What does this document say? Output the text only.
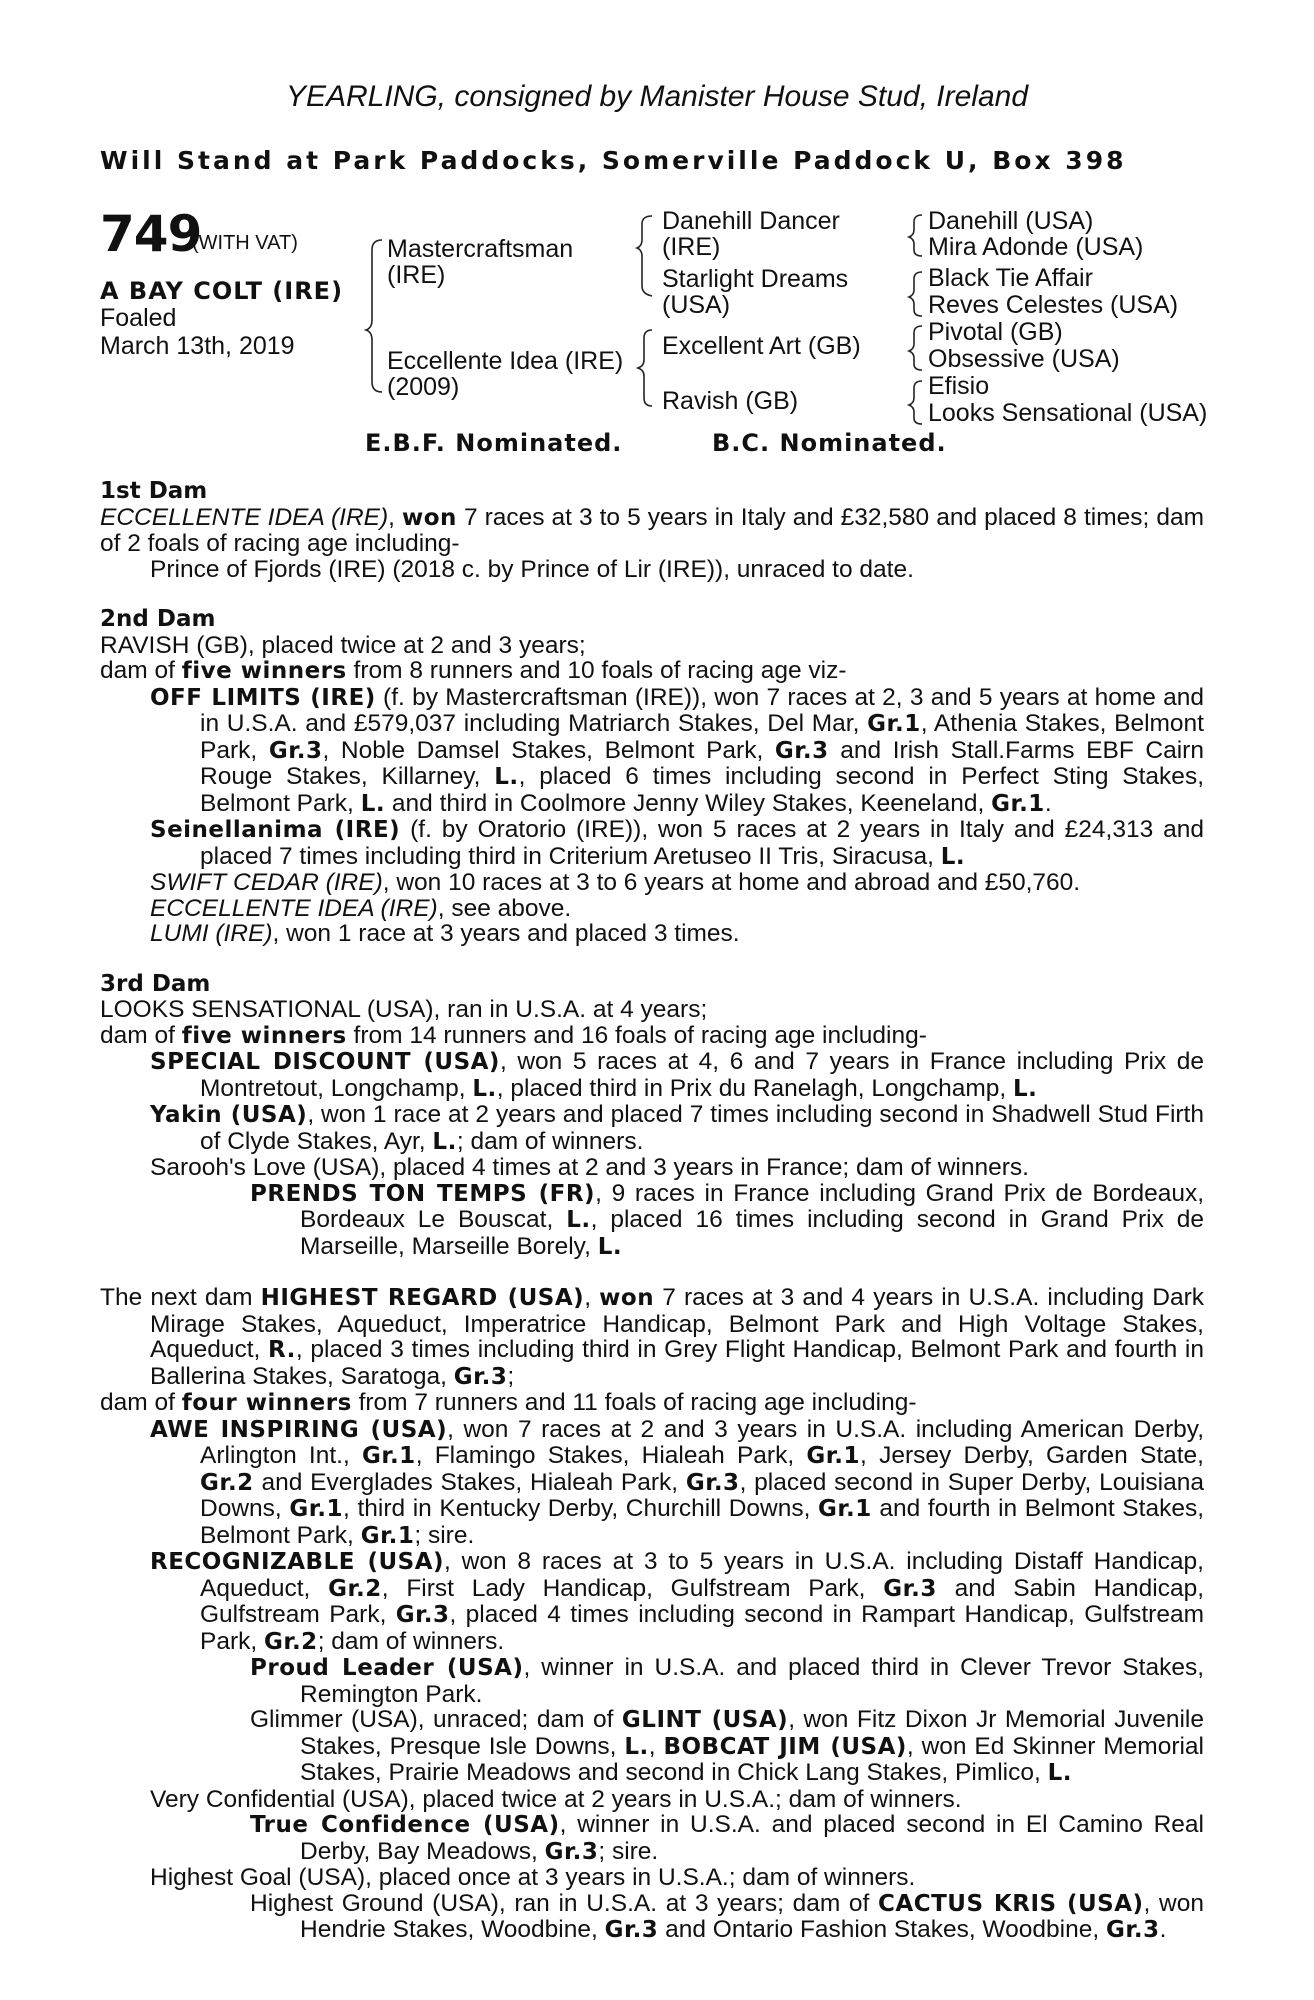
YEARLING, consigned by Manister House Stud, Ireland
Will Stand at Park Paddocks, Somerville Paddock U, Box 398
749
(WITH VAT)
A BAY COLT (IRE)
Foaled
March 13th, 2019
Mastercraftsman
(IRE)
Eccellente Idea (IRE)
(2009)
Danehill Dancer
(IRE)
Starlight Dreams
(USA)
Excellent Art (GB)
Ravish (GB)
Danehill (USA)
Mira Adonde (USA)
Black Tie Affair
Reves Celestes (USA)
Pivotal (GB)
Obsessive (USA)
Efisio
Looks Sensational (USA)
E.B.F. Nominated.	B.C. Nominated.

1st Dam

ECCELLENTE IDEA (IRE), won 7 races at 3 to 5 years in Italy and £32,580 and placed 8 times; dam of 2 foals of racing age including-

Prince of Fjords (IRE) (2018 c. by Prince of Lir (IRE)), unraced to date.

2nd Dam

RAVISH (GB), placed twice at 2 and 3 years;

dam of five winners from 8 runners and 10 foals of racing age viz-

OFF LIMITS (IRE) (f. by Mastercraftsman (IRE)), won 7 races at 2, 3 and 5 years at home and in U.S.A. and £579,037 including Matriarch Stakes, Del Mar, Gr.1, Athenia Stakes, Belmont Park, Gr.3, Noble Damsel Stakes, Belmont Park, Gr.3 and Irish Stall.Farms EBF Cairn Rouge Stakes, Killarney, L., placed 6 times including second in Perfect Sting Stakes, Belmont Park, L. and third in Coolmore Jenny Wiley Stakes, Keeneland, Gr.1.

Seinellanima (IRE) (f. by Oratorio (IRE)), won 5 races at 2 years in Italy and £24,313 and placed 7 times including third in Criterium Aretuseo II Tris, Siracusa, L.

SWIFT CEDAR (IRE), won 10 races at 3 to 6 years at home and abroad and £50,760.

ECCELLENTE IDEA (IRE), see above.

LUMI (IRE), won 1 race at 3 years and placed 3 times.

3rd Dam

LOOKS SENSATIONAL (USA), ran in U.S.A. at 4 years;

dam of five winners from 14 runners and 16 foals of racing age including-

SPECIAL DISCOUNT (USA), won 5 races at 4, 6 and 7 years in France including Prix de Montretout, Longchamp, L., placed third in Prix du Ranelagh, Longchamp, L.

Yakin (USA), won 1 race at 2 years and placed 7 times including second in Shadwell Stud Firth of Clyde Stakes, Ayr, L.; dam of winners.

Sarooh's Love (USA), placed 4 times at 2 and 3 years in France; dam of winners.

PRENDS TON TEMPS (FR), 9 races in France including Grand Prix de Bordeaux, Bordeaux Le Bouscat, L., placed 16 times including second in Grand Prix de Marseille, Marseille Borely, L.

The next dam HIGHEST REGARD (USA), won 7 races at 3 and 4 years in U.S.A. including Dark Mirage Stakes, Aqueduct, Imperatrice Handicap, Belmont Park and High Voltage Stakes, Aqueduct, R., placed 3 times including third in Grey Flight Handicap, Belmont Park and fourth in Ballerina Stakes, Saratoga, Gr.3;

dam of four winners from 7 runners and 11 foals of racing age including-

AWE INSPIRING (USA), won 7 races at 2 and 3 years in U.S.A. including American Derby, Arlington Int., Gr.1, Flamingo Stakes, Hialeah Park, Gr.1, Jersey Derby, Garden State, Gr.2 and Everglades Stakes, Hialeah Park, Gr.3, placed second in Super Derby, Louisiana Downs, Gr.1, third in Kentucky Derby, Churchill Downs, Gr.1 and fourth in Belmont Stakes, Belmont Park, Gr.1; sire.

RECOGNIZABLE (USA), won 8 races at 3 to 5 years in U.S.A. including Distaff Handicap, Aqueduct, Gr.2, First Lady Handicap, Gulfstream Park, Gr.3 and Sabin Handicap, Gulfstream Park, Gr.3, placed 4 times including second in Rampart Handicap, Gulfstream Park, Gr.2; dam of winners.

Proud Leader (USA), winner in U.S.A. and placed third in Clever Trevor Stakes, Remington Park.

Glimmer (USA), unraced; dam of GLINT (USA), won Fitz Dixon Jr Memorial Juvenile Stakes, Presque Isle Downs, L., BOBCAT JIM (USA), won Ed Skinner Memorial Stakes, Prairie Meadows and second in Chick Lang Stakes, Pimlico, L.

Very Confidential (USA), placed twice at 2 years in U.S.A.; dam of winners.

True Confidence (USA), winner in U.S.A. and placed second in El Camino Real Derby, Bay Meadows, Gr.3; sire.

Highest Goal (USA), placed once at 3 years in U.S.A.; dam of winners.

Highest Ground (USA), ran in U.S.A. at 3 years; dam of CACTUS KRIS (USA), won Hendrie Stakes, Woodbine, Gr.3 and Ontario Fashion Stakes, Woodbine, Gr.3.
